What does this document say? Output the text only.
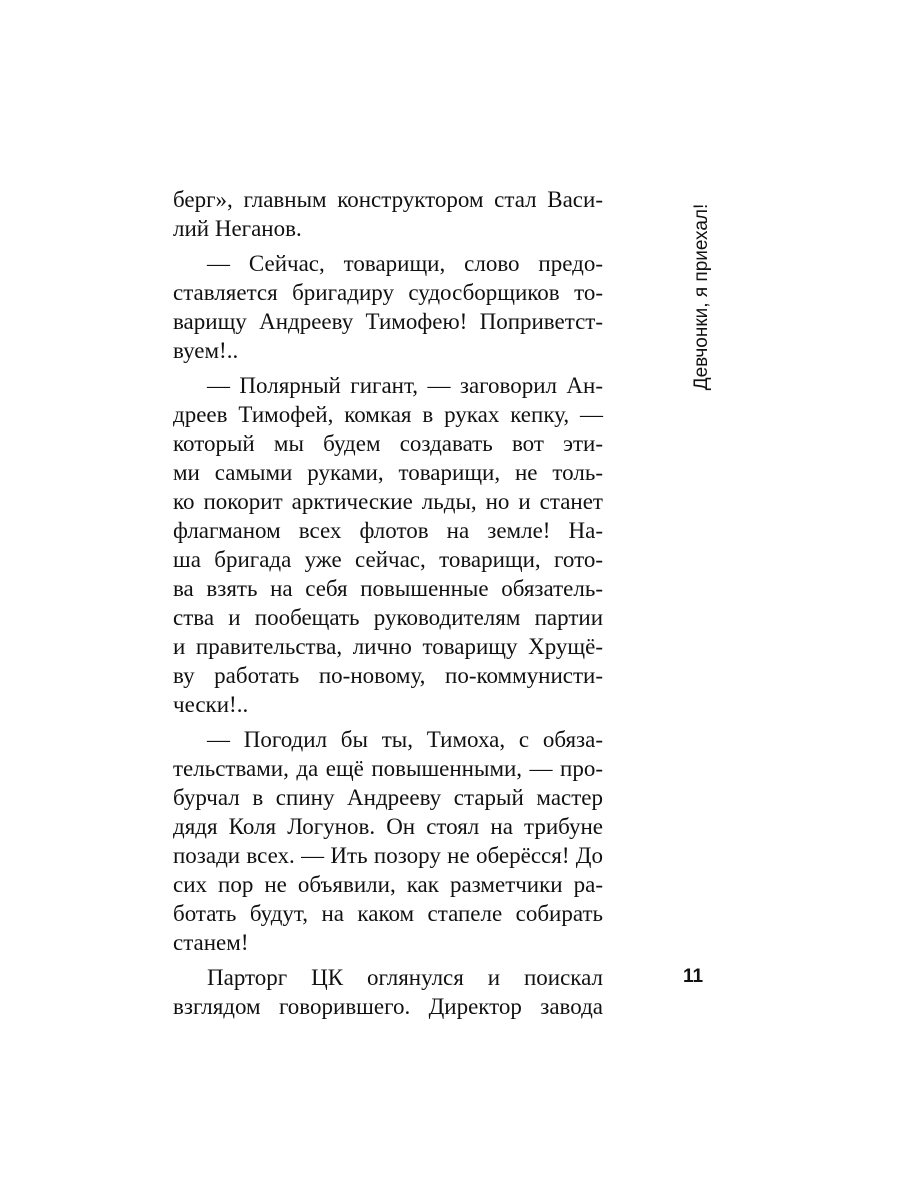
Девчонки, я приехал!
берг», главным конструктором стал Васи-
лий Неганов.
— Сейчас, товарищи, слово предо-
ставляется бригадиру судосборщиков то-
варищу Андрееву Тимофею! Поприветст-
вуем!..
— Полярный гигант, — заговорил Ан-
дреев Тимофей, комкая в руках кепку, —
который мы будем создавать вот эти-
ми самыми руками, товарищи, не толь-
ко покорит арктические льды, но и станет
флагманом всех флотов на земле! На-
ша бригада уже сейчас, товарищи, гото-
ва взять на себя повышенные обязатель-
ства и пообещать руководителям партии
и правительства, лично товарищу Хрущё-
ву работать по-новому, по-коммунисти-
чески!..
— Погодил бы ты, Тимоха, с обяза-
тельствами, да ещё повышенными, — про-
бурчал в спину Андрееву старый мастер
дядя Коля Логунов. Он стоял на трибуне
позади всех. — Ить позору не оберёсся! До
сих пор не объявили, как разметчики ра-
ботать будут, на каком стапеле собирать
станем!
Парторг ЦК оглянулся и поискал
взглядом говорившего. Директор завода
11
